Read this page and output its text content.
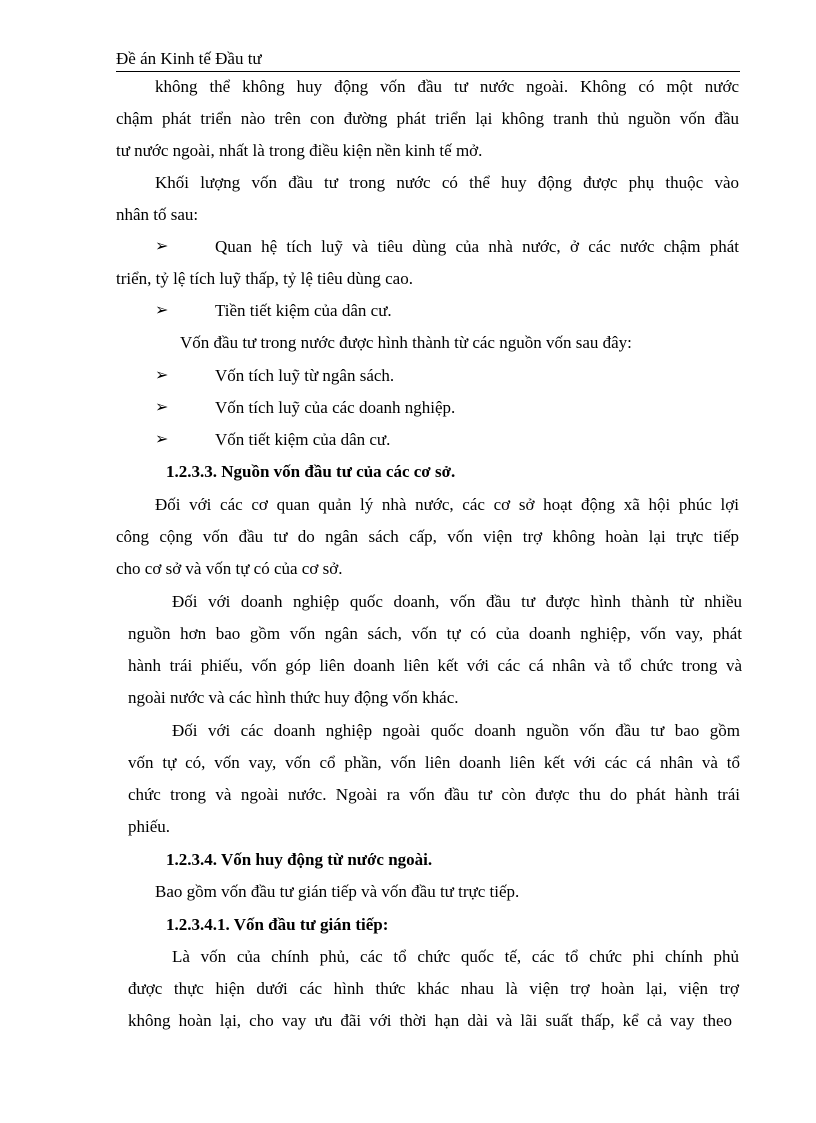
Đề án Kinh tế Đầu tư
không thể không huy động vốn đầu tư nước ngoài. Không có một nước
chậm phát triển nào trên con đường phát triển lại không tranh thủ nguồn vốn đầu
tư nước ngoài, nhất là trong điều kiện nền kinh tế mở.
Khối lượng vốn đầu tư trong nước có thể huy động được phụ thuộc vào
nhân tố sau:
➢	Quan hệ tích luỹ và tiêu dùng của nhà nước, ở các nước chậm phát
triển, tỷ lệ tích luỹ thấp, tỷ lệ tiêu dùng cao.
➢	Tiền tiết kiệm của dân cư.
Vốn đầu tư trong nước được hình thành từ các nguồn vốn sau đây:
➢	Vốn tích luỹ từ ngân sách.
➢	Vốn tích luỹ của các doanh nghiệp.
➢	Vốn tiết kiệm của dân cư.
1.2.3.3. Nguồn vốn đầu tư của các cơ sở.
Đối với các cơ quan quản lý nhà nước, các cơ sở hoạt động xã hội phúc lợi
công cộng vốn đầu tư do ngân sách cấp, vốn viện trợ không hoàn lại trực tiếp
cho cơ sở và vốn tự có của cơ sở.
Đối với doanh nghiệp quốc doanh, vốn đầu tư được hình thành từ nhiều
nguồn hơn bao gồm vốn ngân sách, vốn tự có của doanh nghiệp, vốn vay, phát
hành trái phiếu, vốn góp liên doanh liên kết với các cá nhân và tổ chức trong và
ngoài nước và các hình thức huy động vốn khác.
Đối với các doanh nghiệp ngoài quốc doanh nguồn vốn đầu tư bao gồm
vốn tự có, vốn vay, vốn cổ phần, vốn liên doanh liên kết với các cá nhân và tổ
chức trong và ngoài nước. Ngoài ra vốn đầu tư còn được thu do phát hành trái
phiếu.
1.2.3.4. Vốn huy động từ nước ngoài.
Bao gồm vốn đầu tư gián tiếp và vốn đầu tư trực tiếp.
1.2.3.4.1. Vốn đầu tư gián tiếp:
Là vốn của chính phủ, các tổ chức quốc tế, các tổ chức phi chính phủ
được thực hiện dưới các hình thức khác nhau là viện trợ hoàn lại, viện trợ
không hoàn lại, cho vay ưu đãi với thời hạn dài và lãi suất thấp, kể cả vay theo
